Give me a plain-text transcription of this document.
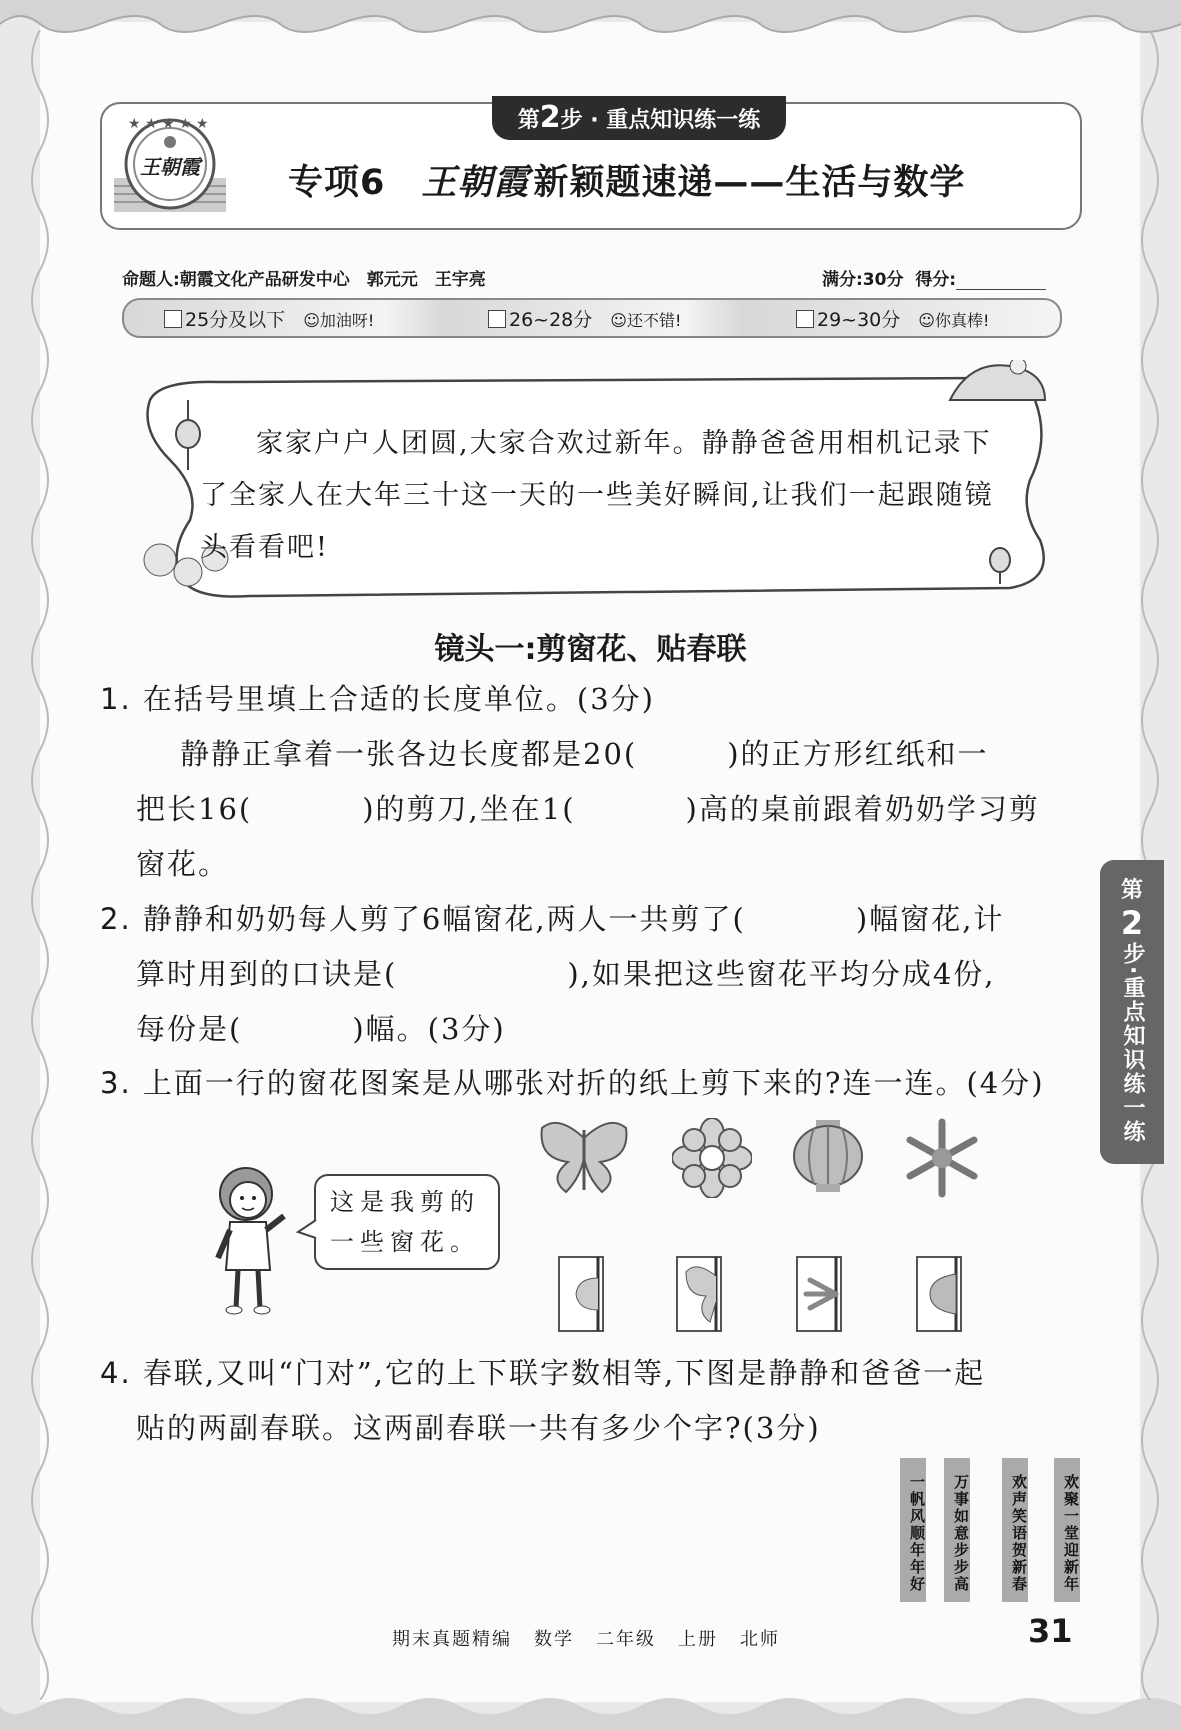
第2步 · 重点知识练一练
★ ★ ★ ★ ★
王朝霞	专项6 王朝霞 新颖题速递——生活与数学
命题人:朝霞文化产品研发中心　郭元元　王宇亮	满分:30分 得分:
25分及以下 ☺加油呀!	26~28分 ☺还不错!	29~30分 ☺你真棒!

家家户户人团圆,大家合欢过新年。静静爸爸用相机记录下了全家人在大年三十这一天的一些美好瞬间,让我们一起跟随镜头看看吧!

镜头一:剪窗花、贴春联
1. 在括号里填上合适的长度单位。(3分)
静静正拿着一张各边长度都是20(	)的正方形红纸和一
把长16(	)的剪刀,坐在1(	)高的桌前跟着奶奶学习剪
窗花。
2. 静静和奶奶每人剪了6幅窗花,两人一共剪了(	)幅窗花,计
算时用到的口诀是(	),如果把这些窗花平均分成4份,
每份是(	)幅。(3分)
3. 上面一行的窗花图案是从哪张对折的纸上剪下来的?连一连。(4分)
这是我剪的
一些窗花。
4. 春联,又叫“门对”,它的上下联字数相等,下图是静静和爸爸一起
贴的两副春联。这两副春联一共有多少个字?(3分)
欢聚一堂迎新年
欢声笑语贺新春
万事如意步步高
一帆风顺年年好
第
2
步·重点知识练一练
期末真题精编 数学 二年级 上册 北师	31
